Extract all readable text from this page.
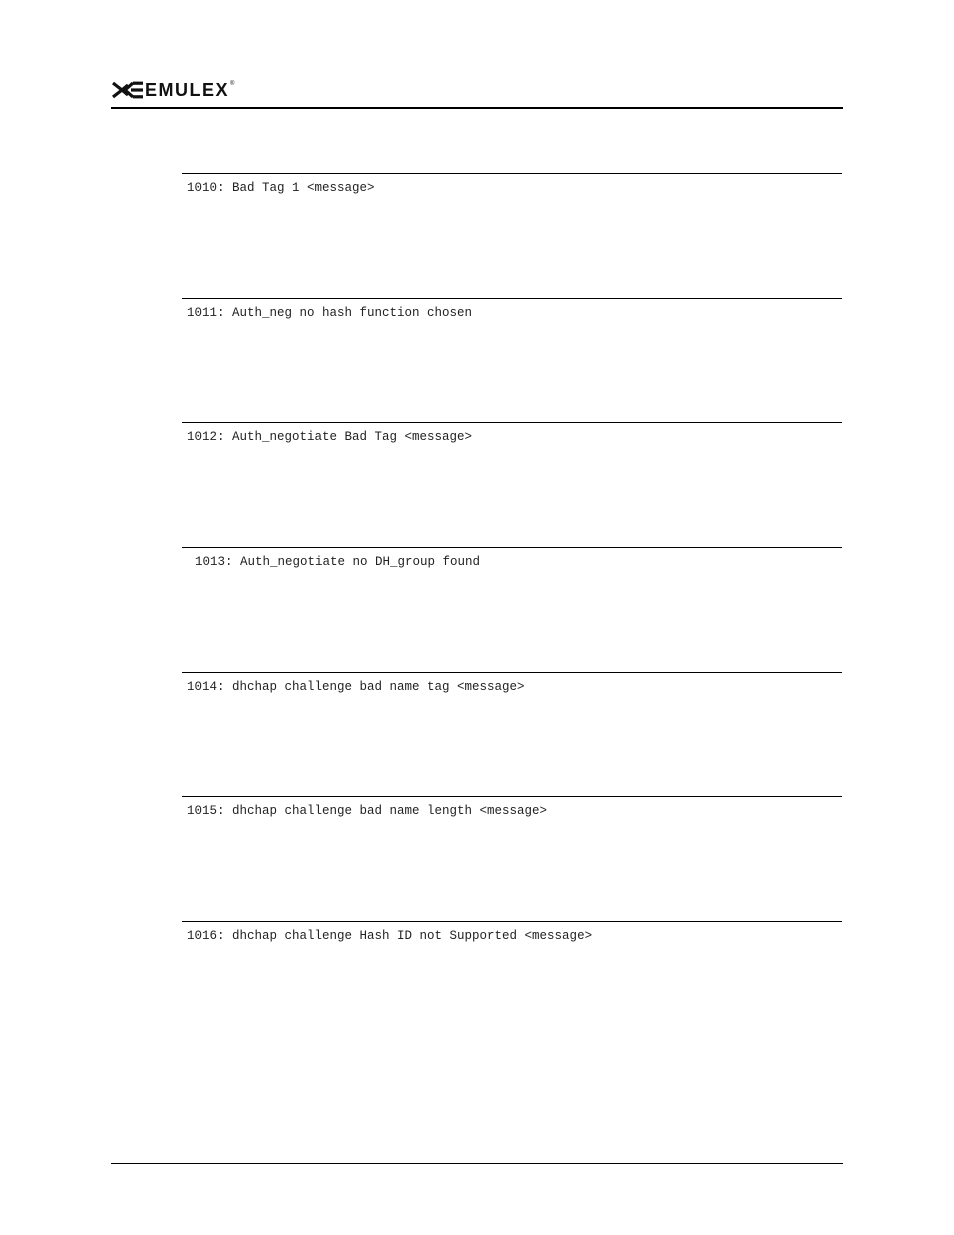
EMULEX ®
1010: Bad Tag 1 <message>
1011: Auth_neg no hash function chosen
1012: Auth_negotiate Bad Tag <message>
1013: Auth_negotiate no DH_group found
1014: dhchap challenge bad name tag <message>
1015: dhchap challenge bad name length <message>
1016: dhchap challenge Hash ID not Supported <message>
